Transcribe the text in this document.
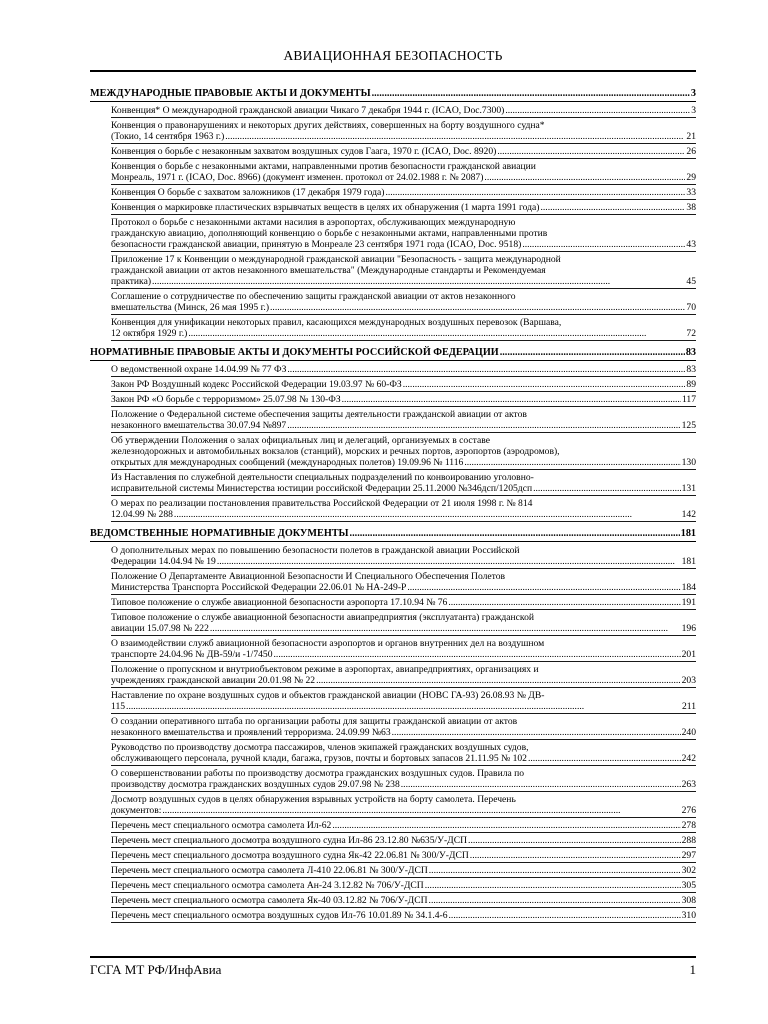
АВИАЦИОННАЯ БЕЗОПАСНОСТЬ
МЕЖДУНАРОДНЫЕ ПРАВОВЫЕ АКТЫ И ДОКУМЕНТЫ .....	3
Конвенция* О международной гражданской авиации Чикаго 7 декабря 1944 г. (ICAO, Doc.7300) .....	3
Конвенция о правонарушениях и некоторых других действиях, совершенных на борту воздушного судна*
(Токио, 14 сентября 1963 г.) .....	21
Конвенция о борьбе с незаконным захватом воздушных судов Гаага, 1970 г. (ICAO, Doc. 8920) .....	26
Конвенция о борьбе с незаконными актами, направленными против безопасности гражданской авиации
Монреаль, 1971 г. (ICAO, Doc. 8966) (документ изменен. протокол от 24.02.1988 г. № 2087) .....	29
Конвенция О борьбе с захватом заложников (17 декабря 1979 года) .....	33
Конвенция о маркировке пластических взрывчатых веществ в целях их обнаружения (1 марта 1991 года) .....	38
Протокол о борьбе с незаконными актами насилия в аэропортах, обслуживающих международную
гражданскую авиацию, дополняющий конвенцию о борьбе с незаконными актами, направленными против
безопасности гражданской авиации, принятую в Монреале 23 сентября 1971 года (ICAO, Doc. 9518) .....	43
Приложение 17 к Конвенции о международной гражданской авиации "Безопасность - защита международной
гражданской авиации от актов незаконного вмешательства" (Международные стандарты и Рекомендуемая
практика) .....	45
Соглашение о сотрудничестве по обеспечению защиты гражданской авиации от актов незаконного
вмешательства (Минск, 26 мая 1995 г.) .....	70
Конвенция для унификации некоторых правил, касающихся международных воздушных перевозок (Варшава,
12 октября 1929 г.) .....	72
НОРМАТИВНЫЕ ПРАВОВЫЕ АКТЫ И ДОКУМЕНТЫ РОССИЙСКОЙ ФЕДЕРАЦИИ .....	83
О ведомственной охране 14.04.99 № 77 ФЗ .....	83
Закон РФ Воздушный кодекс Российской Федерации 19.03.97 № 60-ФЗ .....	89
Закон РФ «О борьбе с терроризмом» 25.07.98 № 130-ФЗ .....	117
Положение о Федеральной системе обеспечения защиты деятельности гражданской авиации от актов
незаконного вмешательства 30.07.94 №897 .....	125
Об утверждении Положения о залах официальных лиц и делегаций, организуемых в составе
железнодорожных и автомобильных вокзалов (станций), морских и речных портов, аэропортов (аэродромов),
открытых для международных сообщений (международных полетов) 19.09.96 № 1116 .....	130
Из Наставления по служебной деятельности специальных подразделений по конвоированию уголовно-
исправительной системы Министерства юстиции российской Федерации 25.11.2000 №346дсп/1205дсп .....	131
О мерах по реализации постановления правительства Российской Федерации от 21 июля 1998 г. № 814
12.04.99 № 288 .....	142
ВЕДОМСТВЕННЫЕ НОРМАТИВНЫЕ ДОКУМЕНТЫ .....	181
О дополнительных мерах по повышению безопасности полетов в гражданской авиации Российской
Федерации 14.04.94 № 19 .....	181
Положение О Департаменте Авиационной Безопасности И Специального Обеспечения Полетов
Министерства Транспорта Российской Федерации 22.06.01 № НА-249-Р .....	184
Типовое положение о службе авиационной безопасности аэропорта 17.10.94 № 76 .....	191
Типовое положение о службе авиационной безопасности авиапредприятия (эксплуатанта) гражданской
авиации 15.07.98 № 222 .....	196
О взаимодействии служб авиационной безопасности аэропортов и органов внутренних дел на воздушном
транспорте 24.04.96 № ДВ-59/и -1/7450 .....	201
Положение о пропускном и внутриобъектовом режиме в аэропортах, авиапредприятиях, организациях и
учреждениях гражданской авиации 20.01.98 № 22 .....	203
Наставление по охране воздушных судов и объектов гражданской авиации (НОВС ГА-93) 26.08.93 № ДВ-
115 .....	211
О создании оперативного штаба по организации работы для защиты гражданской авиации от актов
незаконного вмешательства и проявлений терроризма. 24.09.99 №63 .....	240
Руководство по производству досмотра пассажиров, членов экипажей гражданских воздушных судов,
обслуживающего персонала, ручной клади, багажа, грузов, почты и бортовых запасов 21.11.95 № 102 .....	242
О совершенствовании работы по производству досмотра гражданских воздушных судов. Правила по
производству досмотра гражданских воздушных судов 29.07.98 № 238 .....	263
Досмотр воздушных судов в целях обнаружения взрывных устройств на борту самолета. Перечень
документов: .....	276
Перечень мест специального осмотра самолета Ил-62 .....	278
Перечень мест специального досмотра воздушного судна Ил-86 23.12.80 №635/У-ДСП .....	288
Перечень мест специального досмотра воздушного судна Як-42 22.06.81 № 300/У-ДСП .....	297
Перечень мест специального осмотра самолета Л-410 22.06.81 № 300/У-ДСП .....	302
Перечень мест специального осмотра самолета Ан-24 3.12.82 № 706/У-ДСП .....	305
Перечень мест специального осмотра самолета Як-40 03.12.82 № 706/У-ДСП .....	308
Перечень мест специального осмотра воздушных судов Ил-76 10.01.89 № 34.1.4-6 .....	310
ГСГА МТ РФ/ИнфАвиа	1
